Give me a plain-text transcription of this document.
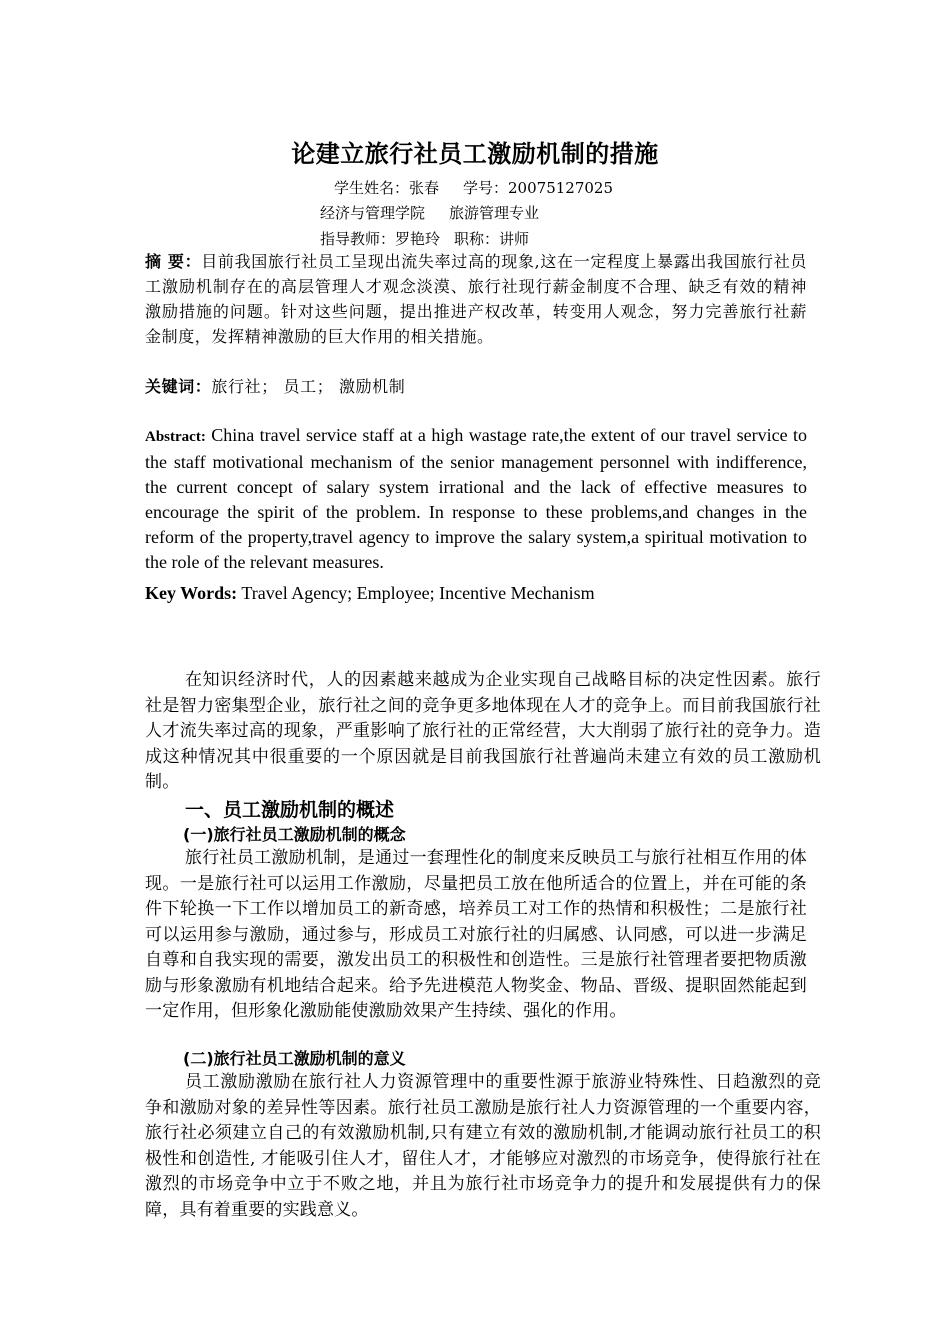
论建立旅行社员工激励机制的措施
学生姓名：张春 学号：20075127025
经济与管理学院 旅游管理专业
指导教师：罗艳玲 职称：讲师
摘 要：目前我国旅行社员工呈现出流失率过高的现象,这在一定程度上暴露出我国旅行社员工激励机制存在的高层管理人才观念淡漠、旅行社现行薪金制度不合理、缺乏有效的精神激励措施的问题。针对这些问题，提出推进产权改革，转变用人观念，努力完善旅行社薪金制度，发挥精神激励的巨大作用的相关措施。
关键词：旅行社； 员工； 激励机制
Abstract: China travel service staff at a high wastage rate,the extent of our travel service to the staff motivational mechanism of the senior management personnel with indifference, the current concept of salary system irrational and the lack of effective measures to encourage the spirit of the problem. In response to these problems,and changes in the reform of the property,travel agency to improve the salary system,a spiritual motivation to the role of the relevant measures.
Key Words: Travel Agency; Employee; Incentive Mechanism
在知识经济时代，人的因素越来越成为企业实现自己战略目标的决定性因素。旅行社是智力密集型企业，旅行社之间的竞争更多地体现在人才的竞争上。而目前我国旅行社人才流失率过高的现象，严重影响了旅行社的正常经营，大大削弱了旅行社的竞争力。造成这种情况其中很重要的一个原因就是目前我国旅行社普遍尚未建立有效的员工激励机制。
一、员工激励机制的概述
(一)旅行社员工激励机制的概念
旅行社员工激励机制，是通过一套理性化的制度来反映员工与旅行社相互作用的体现。一是旅行社可以运用工作激励，尽量把员工放在他所适合的位置上，并在可能的条件下轮换一下工作以增加员工的新奇感，培养员工对工作的热情和积极性；二是旅行社可以运用参与激励，通过参与，形成员工对旅行社的归属感、认同感，可以进一步满足自尊和自我实现的需要，激发出员工的积极性和创造性。三是旅行社管理者要把物质激励与形象激励有机地结合起来。给予先进模范人物奖金、物品、晋级、提职固然能起到一定作用，但形象化激励能使激励效果产生持续、强化的作用。
(二)旅行社员工激励机制的意义
员工激励激励在旅行社人力资源管理中的重要性源于旅游业特殊性、日趋激烈的竞争和激励对象的差异性等因素。旅行社员工激励是旅行社人力资源管理的一个重要内容，旅行社必须建立自己的有效激励机制,只有建立有效的激励机制,才能调动旅行社员工的积极性和创造性, 才能吸引住人才，留住人才，才能够应对激烈的市场竞争，使得旅行社在激烈的市场竞争中立于不败之地，并且为旅行社市场竞争力的提升和发展提供有力的保障，具有着重要的实践意义。
